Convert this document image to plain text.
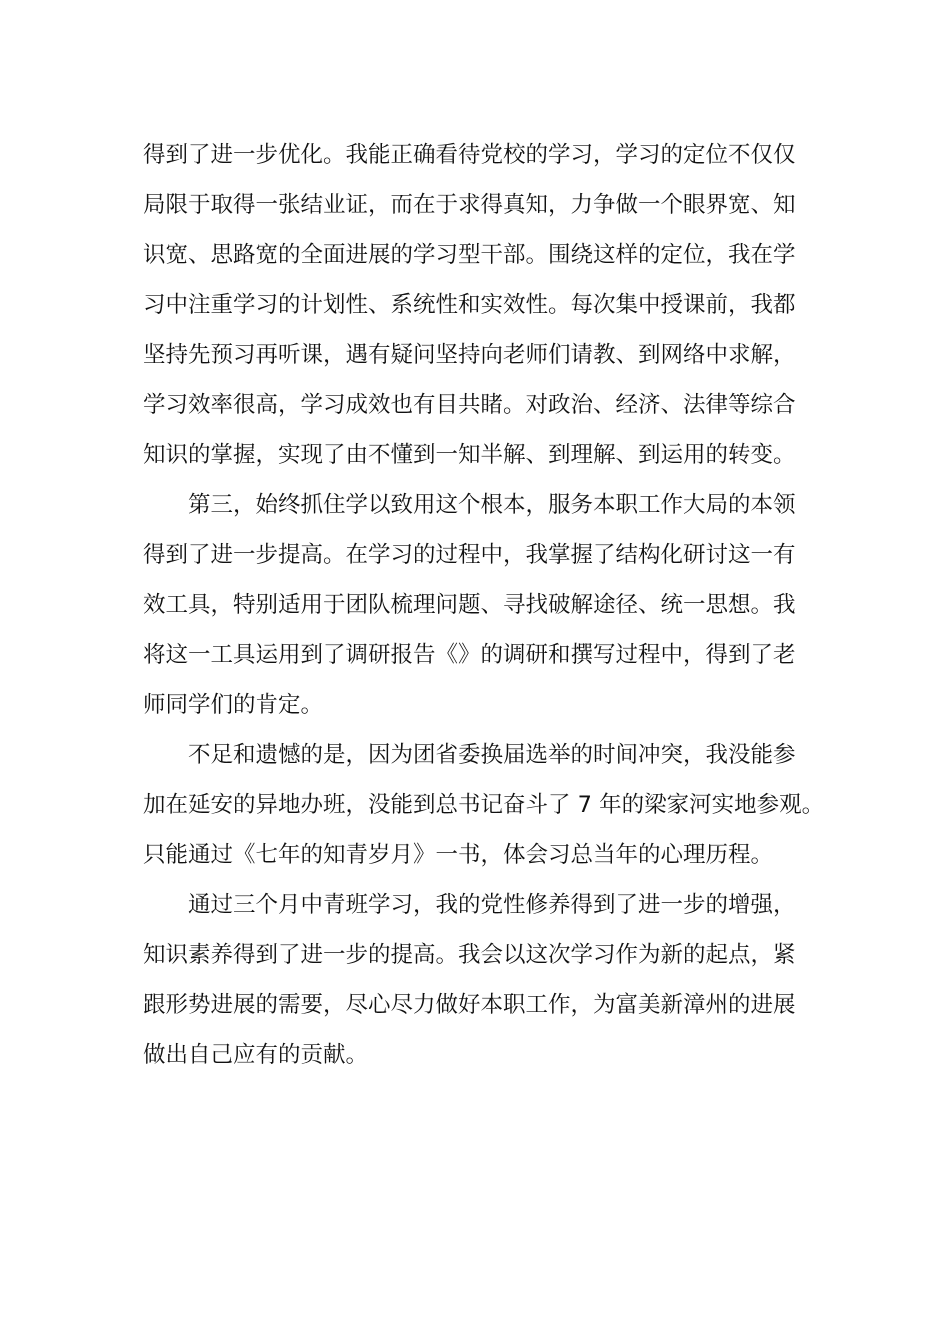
得到了进一步优化。我能正确看待党校的学习，学习的定位不仅仅
局限于取得一张结业证，而在于求得真知，力争做一个眼界宽、知
识宽、思路宽的全面进展的学习型干部。围绕这样的定位，我在学
习中注重学习的计划性、系统性和实效性。每次集中授课前，我都
坚持先预习再听课，遇有疑问坚持向老师们请教、到网络中求解，
学习效率很高，学习成效也有目共睹。对政治、经济、法律等综合
知识的掌握，实现了由不懂到一知半解、到理解、到运用的转变。
第三，始终抓住学以致用这个根本，服务本职工作大局的本领
得到了进一步提高。在学习的过程中，我掌握了结构化研讨这一有
效工具，特别适用于团队梳理问题、寻找破解途径、统一思想。我
将这一工具运用到了调研报告《》的调研和撰写过程中，得到了老
师同学们的肯定。
不足和遗憾的是，因为团省委换届选举的时间冲突，我没能参
加在延安的异地办班，没能到总书记奋斗了 7 年的梁家河实地参观。
只能通过《七年的知青岁月》一书，体会习总当年的心理历程。
通过三个月中青班学习，我的党性修养得到了进一步的增强，
知识素养得到了进一步的提高。我会以这次学习作为新的起点，紧
跟形势进展的需要，尽心尽力做好本职工作，为富美新漳州的进展
做出自己应有的贡献。
